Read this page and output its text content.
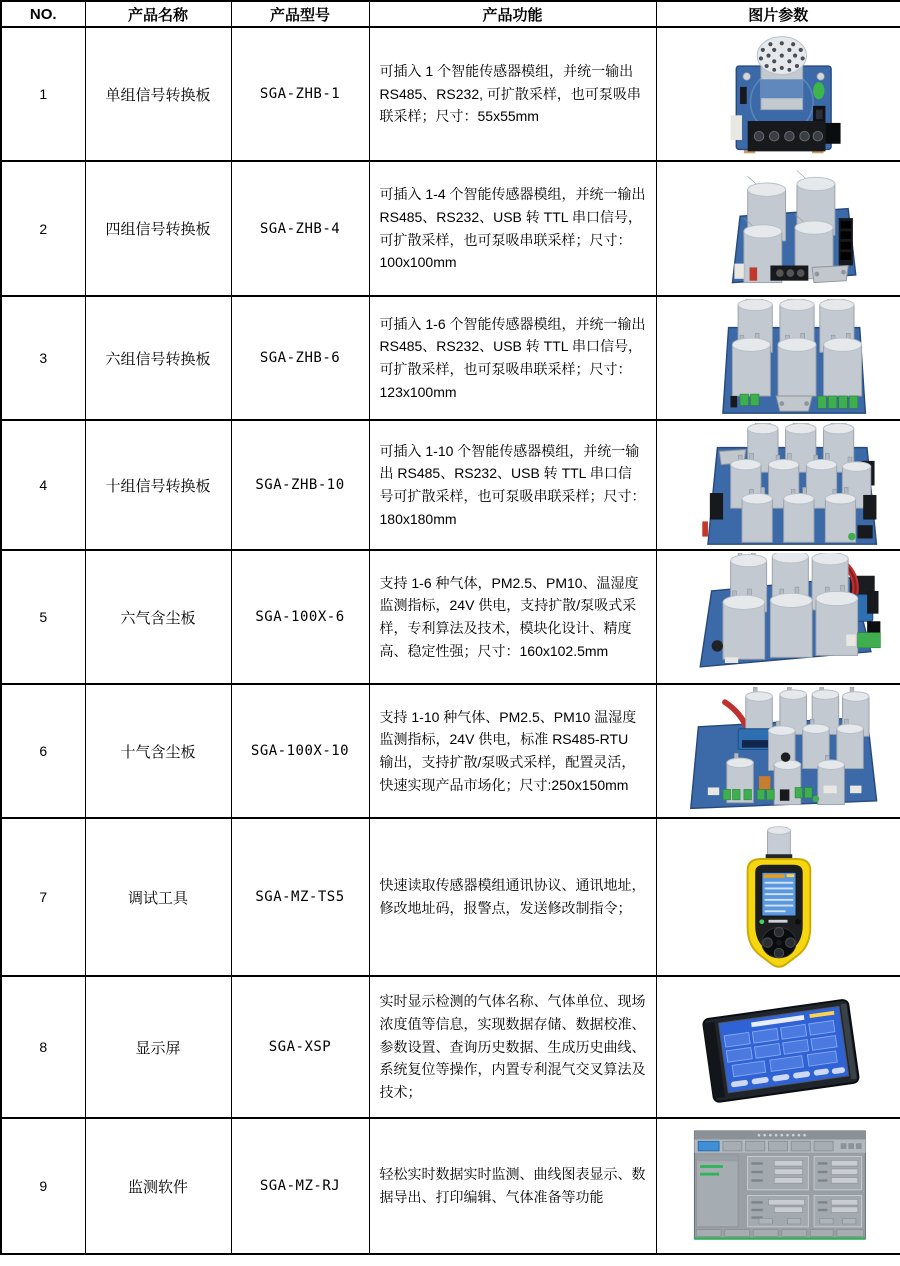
NO.	产品名称	产品型号	产品功能	图片参数
1	单组信号转换板	SGA-ZHB-1	可插入 1 个智能传感器模组，并统一输出 RS485、RS232, 可扩散采样，也可泵吸串联采样；尺寸：55x55mm	

2	四组信号转换板	SGA-ZHB-4	可插入 1-4 个智能传感器模组，并统一输出 RS485、RS232、USB 转 TTL 串口信号，可扩散采样，也可泵吸串联采样；尺寸：100x100mm	

3	六组信号转换板	SGA-ZHB-6	可插入 1-6 个智能传感器模组，并统一输出 RS485、RS232、USB 转 TTL 串口信号，可扩散采样，也可泵吸串联采样；尺寸：123x100mm	

4	十组信号转换板	SGA-ZHB-10	可插入 1-10 个智能传感器模组，并统一输出 RS485、RS232、USB 转 TTL 串口信号可扩散采样，也可泵吸串联采样；尺寸：180x180mm	

5	六气含尘板	SGA-100X-6	支持 1-6 种气体，PM2.5、PM10、温湿度监测指标，24V 供电，支持扩散/泵吸式采样，专利算法及技术，模块化设计、精度高、稳定性强；尺寸：160x102.5mm	

6	十气含尘板	SGA-100X-10	支持 1-10 种气体、PM2.5、PM10 温湿度监测指标，24V 供电，标准 RS485-RTU 输出，支持扩散/泵吸式采样，配置灵活，快速实现产品市场化；尺寸:250x150mm	

7	调试工具	SGA-MZ-TS5	快速读取传感器模组通讯协议、通讯地址，修改地址码，报警点，发送修改制指令；	

8	显示屏	SGA-XSP	实时显示检测的气体名称、气体单位、现场浓度值等信息，实现数据存储、数据校准、参数设置、查询历史数据、生成历史曲线、系统复位等操作，内置专利混气交叉算法及技术；	

9	监测软件	SGA-MZ-RJ	轻松实时数据实时监测、曲线图表显示、数据导出、打印编辑、气体准备等功能	
